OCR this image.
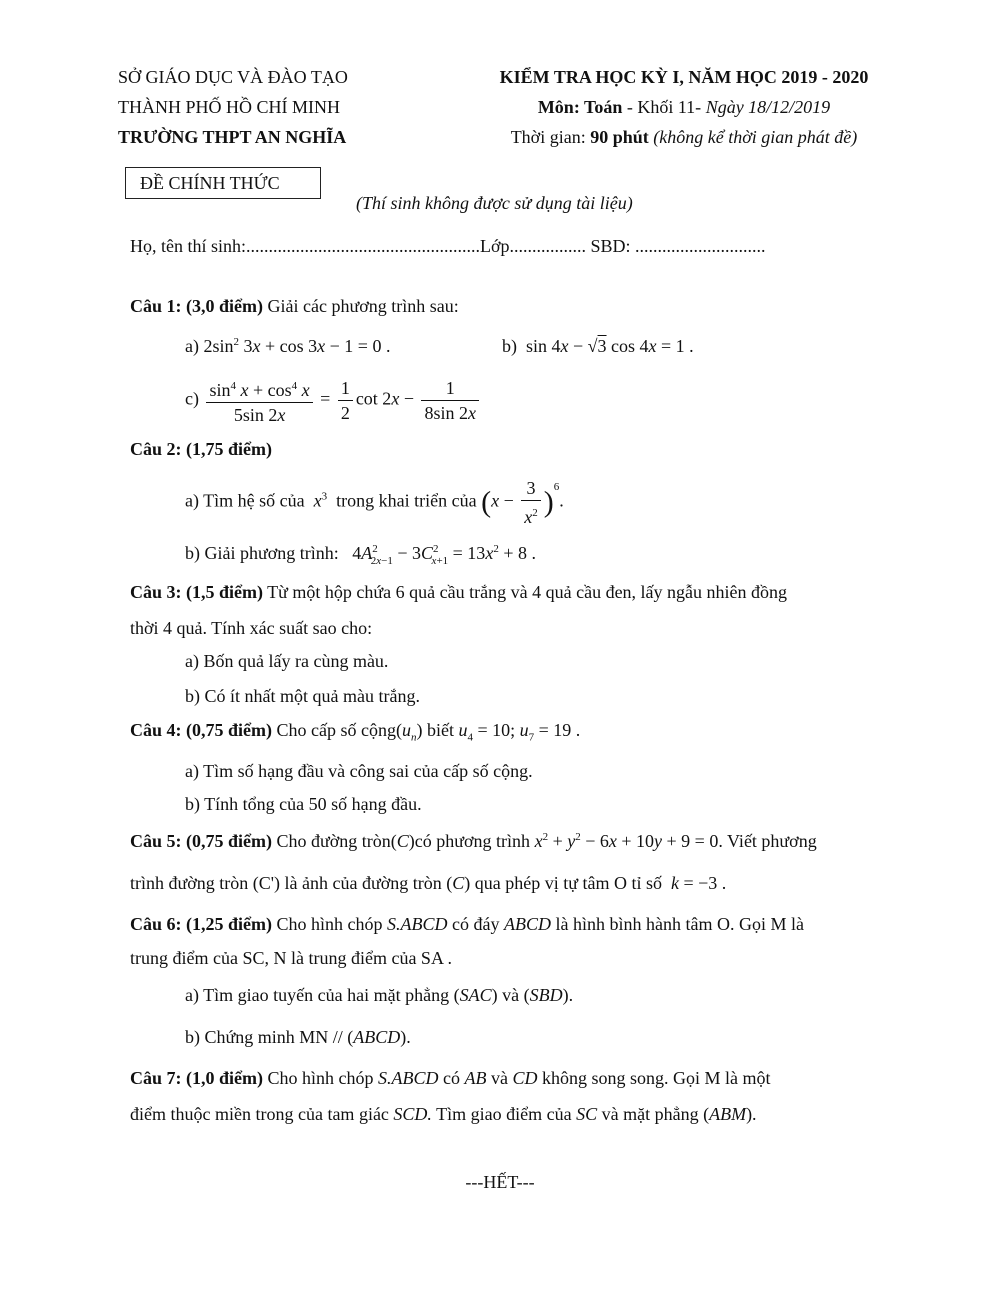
SỞ GIÁO DỤC VÀ ĐÀO TẠO
THÀNH PHỐ HỒ CHÍ MINH
TRƯỜNG THPT AN NGHĨA
KIỂM TRA HỌC KỲ I, NĂM HỌC 2019 - 2020
Môn: Toán - Khối 11- Ngày 18/12/2019
Thời gian: 90 phút (không kể thời gian phát đề)
ĐỀ CHÍNH THỨC
(Thí sinh không được sử dụng tài liệu)
Họ, tên thí sinh:....................................................Lớp................. SBD: .............................
Câu 1: (3,0 điểm) Giải các phương trình sau:
a) $2\sin^2$ 3x + cos 3x − 1 = 0 .	b)  sin 4x − √3 cos 4x = 1 .
$c) \frac{\sin^4 x + \cos^4 x}{5\sin 2x} = \frac{1}{2}$ $\cot 2x - \frac{1}{8\sin 2x}$
Câu 2: (1,75 điểm)
a) Tìm hệ số của $x^3$ trong khai triển của $(x - \frac{3}{x^2} )^6$.
b) Giải phương trình:   $4A^2_{2x-1} - 3C^2_{x+1} = 13x^2 + 8$ .
Câu 3: (1,5 điểm) Từ một hộp chứa 6 quả cầu trắng và 4 quả cầu đen, lấy ngẫu nhiên đồng
thời 4 quả. Tính xác suất sao cho:
a) Bốn quả lấy ra cùng màu.
b) Có ít nhất một quả màu trắng.
Câu 4: (0,75 điểm) Cho cấp số $cộng(u_n)$ biết $u_4 = 10$; $u_7 = 19$ .
a) Tìm số hạng đầu và công sai của cấp số cộng.
b) Tính tổng của 50 số hạng đầu.
Câu 5: (0,75 điểm) Cho đường tròn(C)có phương trình $x^2 + y^2 - 6x + 10y + 9 = 0$. Viết phương
trình đường tròn (C') là ảnh của đường tròn (C) qua phép vị tự tâm O tỉ số  k = −3 .
Câu 6: (1,25 điểm) Cho hình chóp S.ABCD có đáy ABCD là hình bình hành tâm O. Gọi M là
trung điểm của SC, N là trung điểm của SA .
a) Tìm giao tuyến của hai mặt phẳng (SAC) và (SBD).
b) Chứng minh MN // (ABCD).
Câu 7: (1,0 điểm) Cho hình chóp S.ABCD có AB và CD không song song. Gọi M là một
điểm thuộc miền trong của tam giác SCD. Tìm giao điểm của SC và mặt phẳng (ABM).
---HẾT---
